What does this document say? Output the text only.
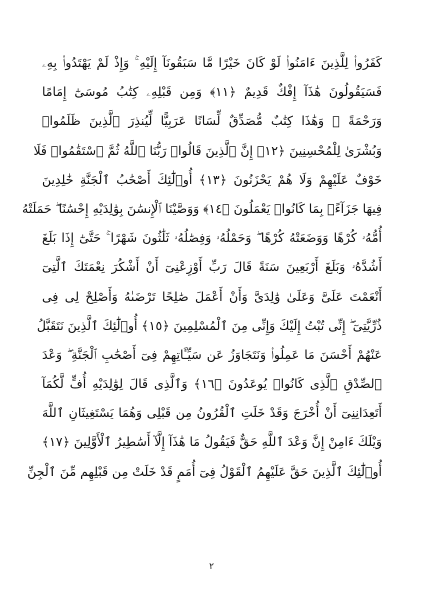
كَفَرُوا۟ لِلَّذِينَ ءَامَنُوا۟ لَوْ كَانَ خَيْرًا مَّا سَبَقُونَآ إِلَيْهِ ۚ وَإِذْ لَمْ يَهْتَدُوا۟ بِهِۦ
فَسَيَقُولُونَ هَٰذَآ إِفْكٌ قَدِيمٌ ﴿١١﴾ وَمِن قَبْلِهِۦ كِتَٰبُ مُوسَىٰٓ إِمَامًا
وَرَحْمَةً ۚ وَهَٰذَا كِتَٰبٌ مُّصَدِّقٌ لِّسَانًا عَرَبِيًّا لِّيُنذِرَ ٱلَّذِينَ ظَلَمُوا۟
وَبُشْرَىٰ لِلْمُحْسِنِينَ ﴿١٢﴾ إِنَّ ٱلَّذِينَ قَالُوا۟ رَبُّنَا ٱللَّهُ ثُمَّ ٱسْتَقَٰمُوا۟ فَلَا
خَوْفٌ عَلَيْهِمْ وَلَا هُمْ يَحْزَنُونَ ﴿١٣﴾ أُو۟لَٰٓئِكَ أَصْحَٰبُ ٱلْجَنَّةِ خَٰلِدِينَ
فِيهَا جَزَآءًۢ بِمَا كَانُوا۟ يَعْمَلُونَ ﴿١٤﴾ وَوَصَّيْنَا ٱلْإِنسَٰنَ بِوَٰلِدَيْهِ إِحْسَٰنًا ۖ حَمَلَتْهُ
أُمُّهُۥ كُرْهًا وَوَضَعَتْهُ كُرْهًا ۖ وَحَمْلُهُۥ وَفِصَٰلُهُۥ ثَلَٰثُونَ شَهْرًا ۚ حَتَّىٰٓ إِذَا بَلَغَ
أَشُدَّهُۥ وَبَلَغَ أَرْبَعِينَ سَنَةً قَالَ رَبِّ أَوْزِعْنِىٓ أَنْ أَشْكُرَ نِعْمَتَكَ ٱلَّتِىٓ
أَنْعَمْتَ عَلَىَّ وَعَلَىٰ وَٰلِدَىَّ وَأَنْ أَعْمَلَ صَٰلِحًا تَرْضَىٰهُ وَأَصْلِحْ لِى فِى
ذُرِّيَّتِىٓ ۖ إِنِّى تُبْتُ إِلَيْكَ وَإِنِّى مِنَ ٱلْمُسْلِمِينَ ﴿١٥﴾ أُو۟لَٰٓئِكَ ٱلَّذِينَ نَتَقَبَّلُ
عَنْهُمْ أَحْسَنَ مَا عَمِلُوا۟ وَنَتَجَاوَزُ عَن سَيِّـَٔاتِهِمْ فِىٓ أَصْحَٰبِ ٱلْجَنَّةِ ۖ وَعْدَ
ٱلصِّدْقِ ٱلَّذِى كَانُوا۟ يُوعَدُونَ ﴿١٦﴾ وَٱلَّذِى قَالَ لِوَٰلِدَيْهِ أُفٍّ لَّكُمَآ
أَتَعِدَانِنِىٓ أَنْ أُخْرَجَ وَقَدْ خَلَتِ ٱلْقُرُونُ مِن قَبْلِى وَهُمَا يَسْتَغِيثَانِ ٱللَّهَ
وَيْلَكَ ءَامِنْ إِنَّ وَعْدَ ٱللَّهِ حَقٌّ فَيَقُولُ مَا هَٰذَآ إِلَّآ أَسَٰطِيرُ ٱلْأَوَّلِينَ ﴿١٧﴾
أُو۟لَٰٓئِكَ ٱلَّذِينَ حَقَّ عَلَيْهِمُ ٱلْقَوْلُ فِىٓ أُمَمٍ قَدْ خَلَتْ مِن قَبْلِهِم مِّنَ ٱلْجِنِّ
٢
